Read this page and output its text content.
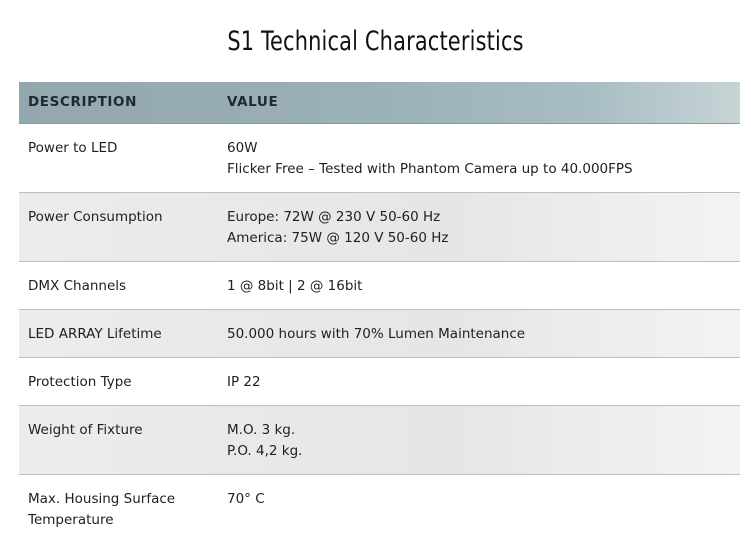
S1 Technical Characteristics
DESCRIPTION	VALUE
Power to LED	60W
Flicker Free – Tested with Phantom Camera up to 40.000FPS

Power Consumption	Europe: 72W @ 230 V 50-60 Hz
America: 75W @ 120 V 50-60 Hz

DMX Channels	1 @ 8bit | 2 @ 16bit

LED ARRAY Lifetime	50.000 hours with 70% Lumen Maintenance

Protection Type	IP 22

Weight of Fixture	M.O. 3 kg.
P.O. 4,2 kg.

Max. Housing Surface
Temperature	70° C
